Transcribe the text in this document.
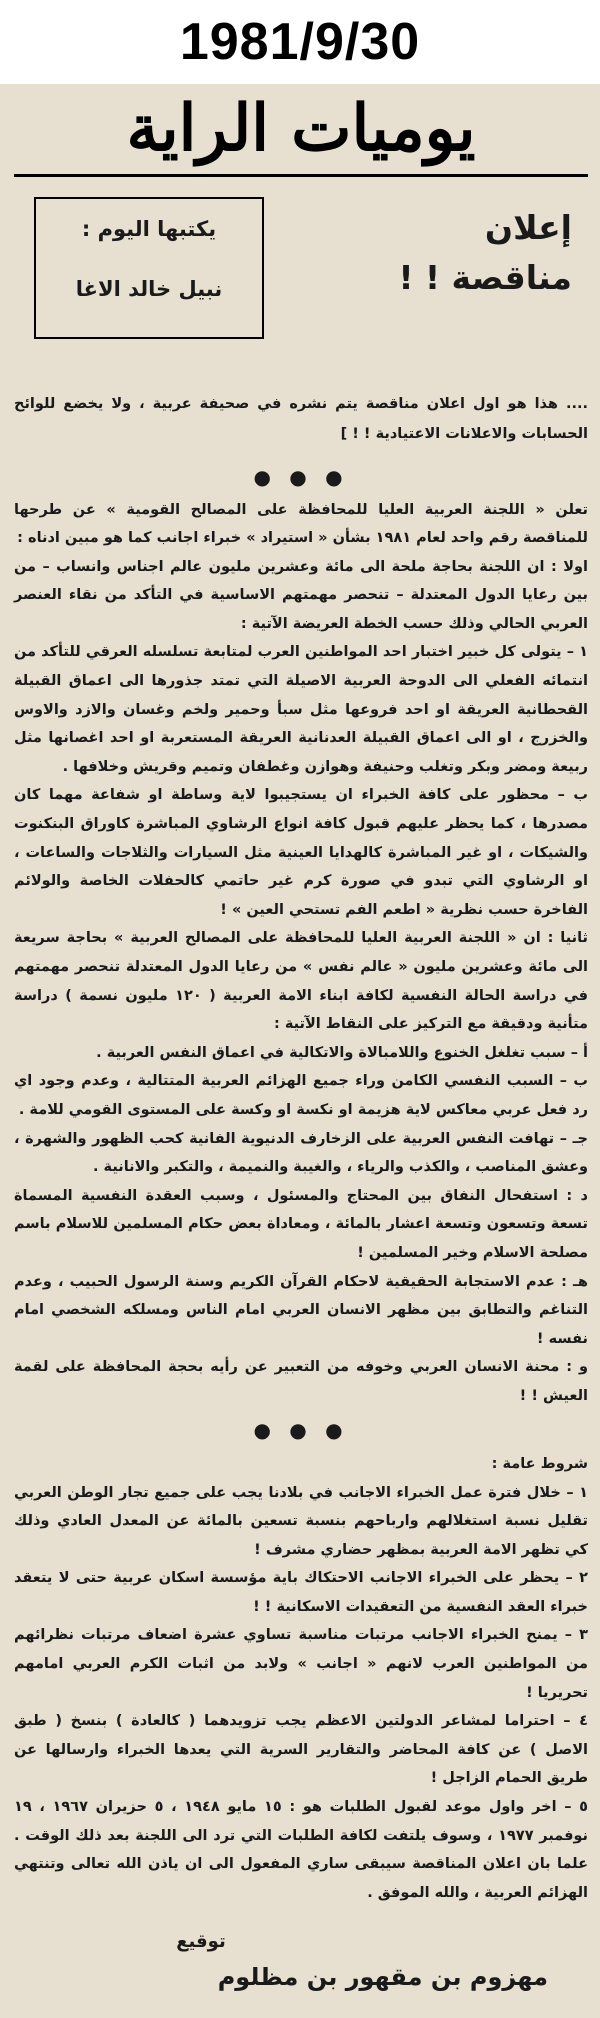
1981/9/30
يوميات الراية
إعلان
مناقصة ! !
يكتبها اليوم :
نبيل خالد الاغا

.... هذا هو اول اعلان مناقصة يتم نشره في صحيفة عربية ، ولا يخضع للوائح الحسابات والاعلانات الاعتيادية ! ! ]

● ● ●

تعلن « اللجنة العربية العليا للمحافظة على المصالح القومية » عن طرحها للمناقصة رقم واحد لعام ١٩٨١ بشأن « استيراد » خبراء اجانب كما هو مبين ادناه :

اولا : ان اللجنة بحاجة ملحة الى مائة وعشرين مليون عالم اجناس وانساب – من بين رعايا الدول المعتدلة – تنحصر مهمتهم الاساسية في التأكد من نقاء العنصر العربي الحالي وذلك حسب الخطة العريضة الآتية :

١ – يتولى كل خبير اختبار احد المواطنين العرب لمتابعة تسلسله العرقي للتأكد من انتمائه الفعلي الى الدوحة العربية الاصيلة التي تمتد جذورها الى اعماق القبيلة القحطانية العريقة او احد فروعها مثل سبأ وحمير ولخم وغسان والازد والاوس والخزرج ، او الى اعماق القبيلة العدنانية العريقة المستعربة او احد اغصانها مثل ربيعة ومضر وبكر وتغلب وحنيفة وهوازن وغطفان وتميم وقريش وخلافها .

ب – محظور على كافة الخبراء ان يستجيبوا لاية وساطة او شفاعة مهما كان مصدرها ، كما يحظر عليهم قبول كافة انواع الرشاوي المباشرة كاوراق البنكنوت والشيكات ، او غير المباشرة كالهدايا العينية مثل السيارات والثلاجات والساعات ، او الرشاوي التي تبدو في صورة كرم غير حاتمي كالحفلات الخاصة والولائم الفاخرة حسب نظرية « اطعم الفم تستحي العين » !

ثانيا : ان « اللجنة العربية العليا للمحافظة على المصالح العربية » بحاجة سريعة الى مائة وعشرين مليون « عالم نفس » من رعايا الدول المعتدلة تنحصر مهمتهم في دراسة الحالة النفسية لكافة ابناء الامة العربية ( ١٢٠ مليون نسمة ) دراسة متأنية ودقيقة مع التركيز على النقاط الآتية :

أ – سبب تغلغل الخنوع واللامبالاة والاتكالية في اعماق النفس العربية .

ب – السبب النفسي الكامن وراء جميع الهزائم العربية المتتالية ، وعدم وجود اي رد فعل عربي معاكس لاية هزيمة او نكسة او وكسة على المستوى القومي للامة .

جـ – تهافت النفس العربية على الزخارف الدنيوية الفانية كحب الظهور والشهرة ، وعشق المناصب ، والكذب والرياء ، والغيبة والنميمة ، والتكبر والانانية .

د : استفحال النفاق بين المحتاج والمسئول ، وسبب العقدة النفسية المسماة تسعة وتسعون وتسعة اعشار بالمائة ، ومعاداة بعض حكام المسلمين للاسلام باسم مصلحة الاسلام وخير المسلمين !

هـ : عدم الاستجابة الحقيقية لاحكام القرآن الكريم وسنة الرسول الحبيب ، وعدم التناغم والتطابق بين مظهر الانسان العربي امام الناس ومسلكه الشخصي امام نفسه !

و : محنة الانسان العربي وخوفه من التعبير عن رأيه بحجة المحافظة على لقمة العيش ! !

● ● ●
شروط عامة :

١ – خلال فترة عمل الخبراء الاجانب في بلادنا يجب على جميع تجار الوطن العربي تقليل نسبة استغلالهم وارباحهم بنسبة تسعين بالمائة عن المعدل العادي وذلك كي تظهر الامة العربية بمظهر حضاري مشرف !

٢ – يحظر على الخبراء الاجانب الاحتكاك باية مؤسسة اسكان عربية حتى لا يتعقد خبراء العقد النفسية من التعقيدات الاسكانية ! !

٣ – يمنح الخبراء الاجانب مرتبات مناسبة تساوي عشرة اضعاف مرتبات نظرائهم من المواطنين العرب لانهم « اجانب » ولابد من اثبات الكرم العربي امامهم تحريريا !

٤ – احتراما لمشاعر الدولتين الاعظم يجب تزويدهما ( كالعادة ) بنسخ ( طبق الاصل ) عن كافة المحاضر والتقارير السرية التي يعدها الخبراء وارسالها عن طريق الحمام الزاجل !

٥ – اخر واول موعد لقبول الطلبات هو : ١٥ مايو ١٩٤٨ ، ٥ حزيران ١٩٦٧ ، ١٩ نوفمبر ١٩٧٧ ، وسوف يلتفت لكافة الطلبات التي ترد الى اللجنة بعد ذلك الوقت . علما بان اعلان المناقصة سيبقى ساري المفعول الى ان ياذن الله تعالى وتنتهي الهزائم العربية ، والله الموفق .

توقيع
مهزوم بن مقهور بن مظلوم
